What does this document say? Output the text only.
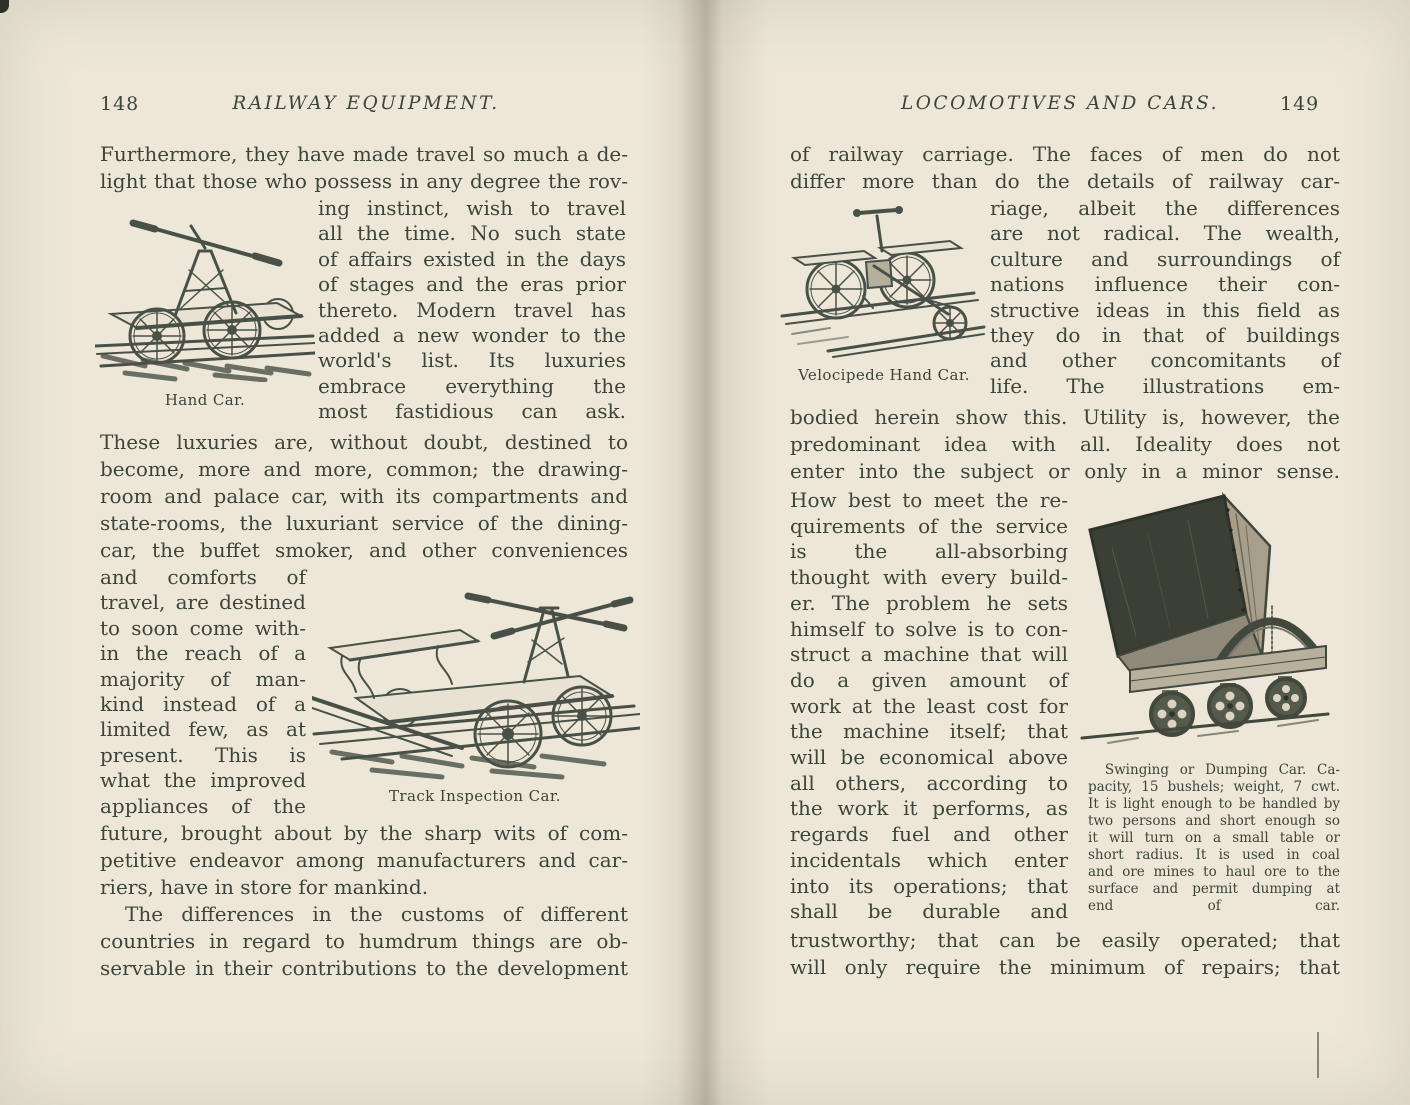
148	RAILWAY EQUIPMENT.
Furthermore, they have made travel so much a de-
light that those who possess in any degree the rov-
Hand Car.
ing instinct, wish to travel
all the time. No such state
of affairs existed in the days
of stages and the eras prior
thereto. Modern travel has
added a new wonder to the
world's list. Its luxuries
embrace everything the
most fastidious can ask.
These luxuries are, without doubt, destined to
become, more and more, common; the drawing-
room and palace car, with its compartments and
state-rooms, the luxuriant service of the dining-
car, the buffet smoker, and other conveniences
and comforts of
travel, are destined
to soon come with-
in the reach of a
majority of man-
kind instead of a
limited few, as at
present. This is
what the improved
appliances of the	Track Inspection Car.
future, brought about by the sharp wits of com-
petitive endeavor among manufacturers and car-
riers, have in store for mankind.
The differences in the customs of different
countries in regard to humdrum things are ob-
servable in their contributions to the development
LOCOMOTIVES AND CARS.	149
of railway carriage. The faces of men do not
differ more than do the details of railway car-
Velocipede Hand Car.
riage, albeit the differences
are not radical. The wealth,
culture and surroundings of
nations influence their con-
structive ideas in this field as
they do in that of buildings
and other concomitants of
life. The illustrations em-
bodied herein show this. Utility is, however, the
predominant idea with all. Ideality does not
enter into the subject or only in a minor sense.
How best to meet the re-
quirements of the service
is the all-absorbing
thought with every build-
er. The problem he sets
himself to solve is to con-
struct a machine that will
do a given amount of
work at the least cost for
the machine itself; that
will be economical above
all others, according to
the work it performs, as
regards fuel and other
incidentals which enter
into its operations; that
shall be durable and
Swinging or Dumping Car. Ca-
pacity, 15 bushels; weight, 7 cwt.
It is light enough to be handled by
two persons and short enough so
it will turn on a small table or
short radius. It is used in coal
and ore mines to haul ore to the
surface and permit dumping at
end of car.
trustworthy; that can be easily operated; that
will only require the minimum of repairs; that
